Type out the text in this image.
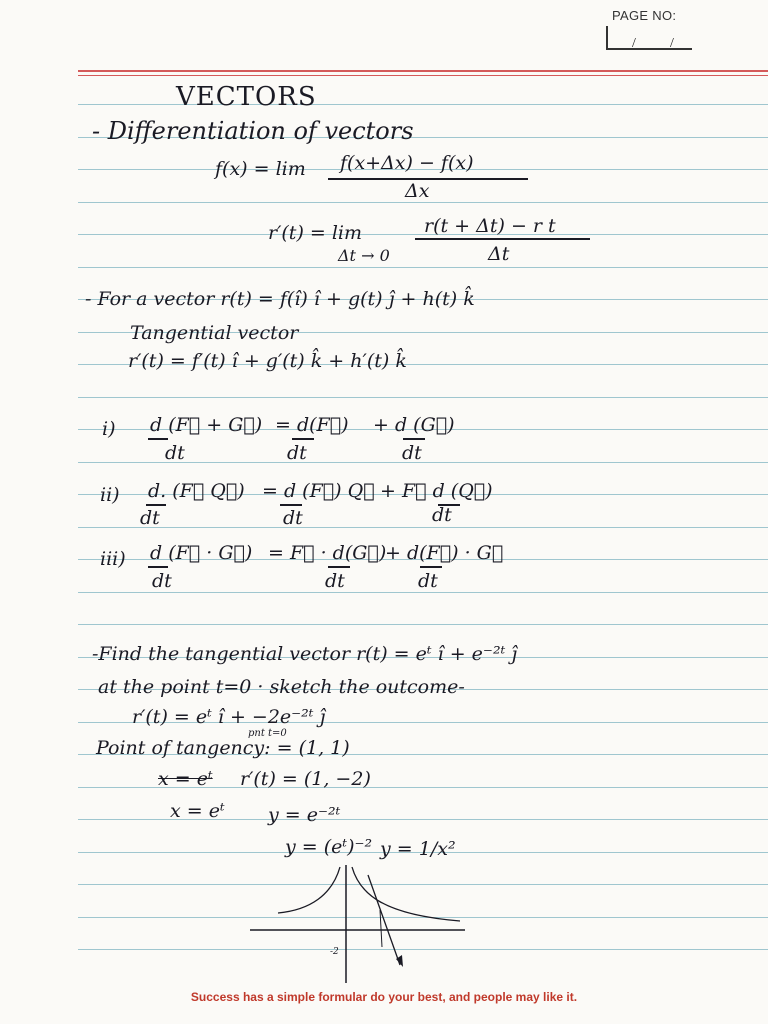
PAGE NO:
/ /
VECTORS
- Differentiation of vectors
f(x) = lim f(x+Δx) − f(x)
Δx
r′(t) = lim
Δt → 0
r(t + Δt) − r t
Δt
- For a vector r(t) = f(î) î + g(t) ĵ + h(t) k̂
Tangential vector
r′(t) = f′(t) î + g′(t) k̂ + h′(t) k̂
i) d (F⃗ + G⃗)
dt
= d(F⃗)
dt
+ d (G⃗)
dt
ii) d. (F⃗ Q⃗)
dt
= d (F⃗) Q⃗
dt
+ F⃗ d (Q⃗)
dt
iii) d (F⃗ · G⃗)
dt
= F⃗ · d(G⃗)
dt
+ d(F⃗) · G⃗
dt
-Find the tangential vector r(t) = eᵗ î + e⁻²ᵗ ĵ
at the point t=0 · sketch the outcome-
r′(t) = eᵗ î + −2e⁻²ᵗ ĵ
pnt t=0
Point of tangency: = (1, 1)
x = eᵗ r′(t) = (1, −2)
x = eᵗ y = e⁻²ᵗ
y = (eᵗ)⁻² y = 1/x²
-2
Success has a simple formular do your best, and people may like it.
